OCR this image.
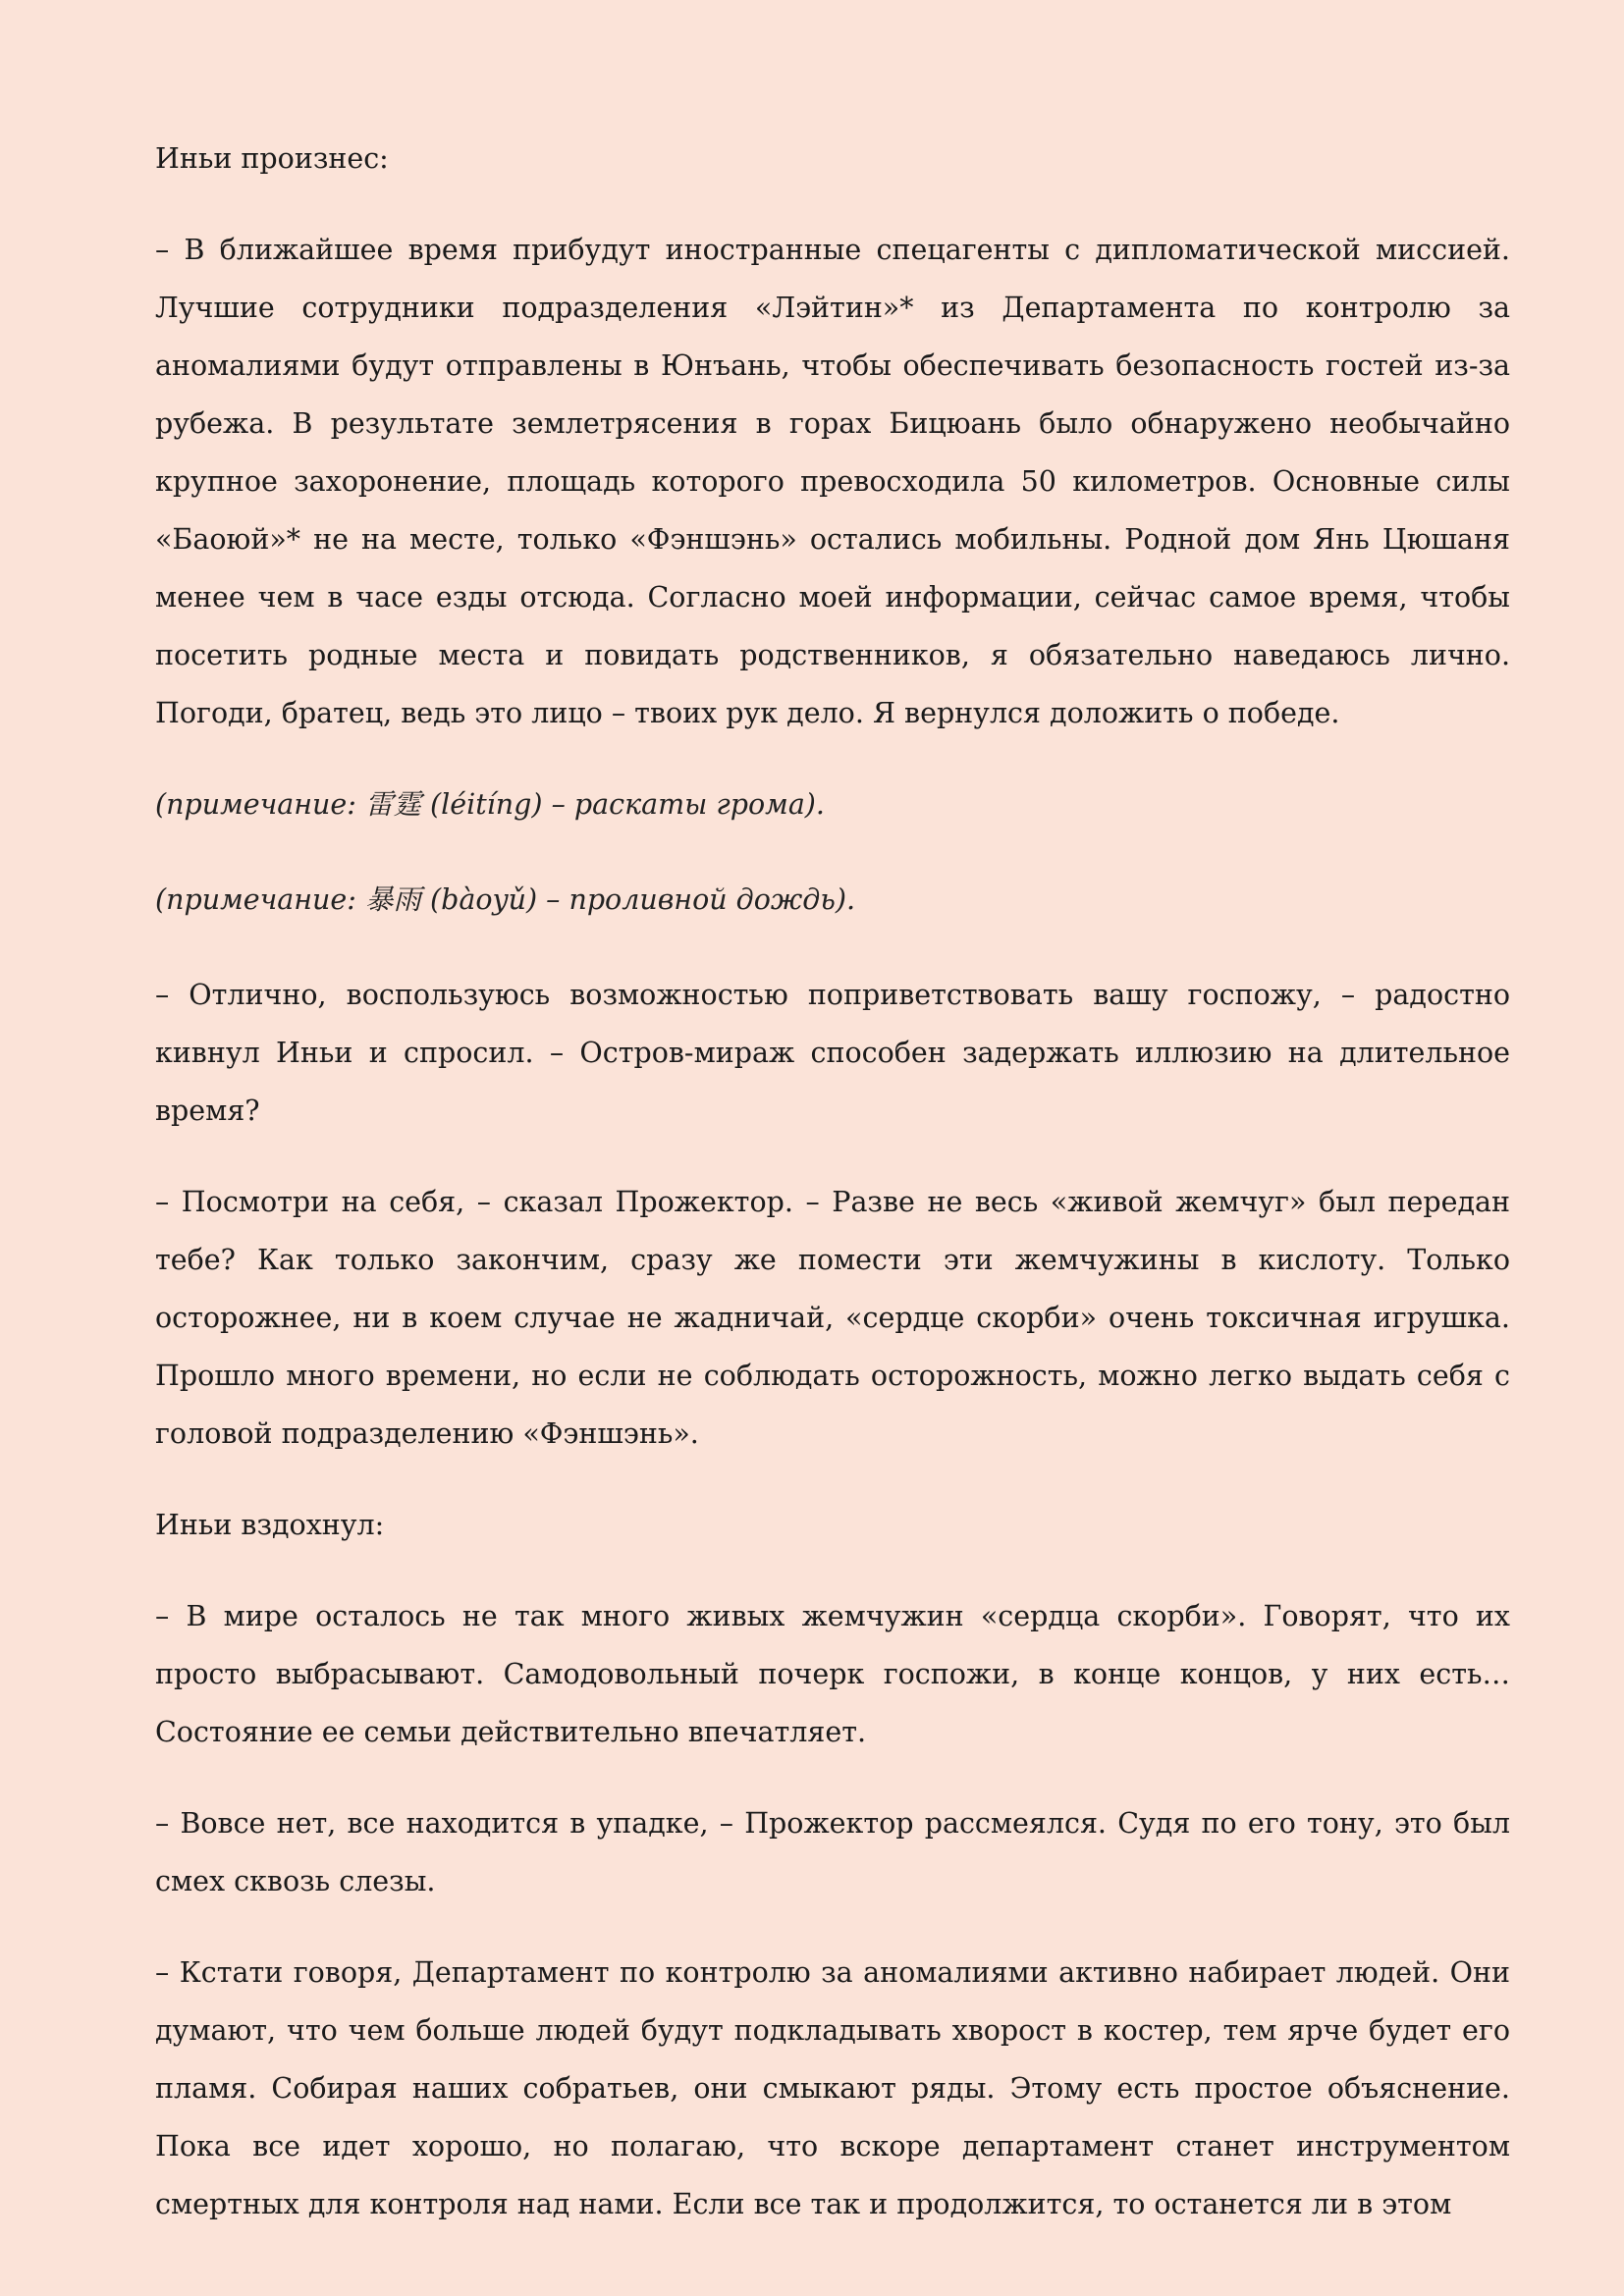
Иньи произнес:

– В ближайшее время прибудут иностранные спецагенты с дипломатической миссией. Лучшие сотрудники подразделения «Лэйтин»* из Департамента по контролю за аномалиями будут отправлены в Юнъань, чтобы обеспечивать безопасность гостей из-за рубежа. В результате землетрясения в горах Бицюань было обнаружено необычайно крупное захоронение, площадь которого превосходила 50 километров. Основные силы «Баоюй»* не на месте, только «Фэншэнь» остались мобильны. Родной дом Янь Цюшаня менее чем в часе езды отсюда. Согласно моей информации, сейчас самое время, чтобы посетить родные места и повидать родственников, я обязательно наведаюсь лично. Погоди, братец, ведь это лицо – твоих рук дело. Я вернулся доложить о победе.

(примечание: 雷霆 (léitíng) – раскаты грома).

(примечание: 暴雨 (bàoyǔ) – проливной дождь).

– Отлично, воспользуюсь возможностью поприветствовать вашу госпожу, – радостно кивнул Иньи и спросил. – Остров-мираж способен задержать иллюзию на длительное время?

– Посмотри на себя, – сказал Прожектор. – Разве не весь «живой жемчуг» был передан тебе? Как только закончим, сразу же помести эти жемчужины в кислоту. Только осторожнее, ни в коем случае не жадничай, «сердце скорби» очень токсичная игрушка. Прошло много времени, но если не соблюдать осторожность, можно легко выдать себя с головой подразделению «Фэншэнь».

Иньи вздохнул:

– В мире осталось не так много живых жемчужин «сердца скорби». Говорят, что их просто выбрасывают. Самодовольный почерк госпожи, в конце концов, у них есть… Состояние ее семьи действительно впечатляет.

– Вовсе нет, все находится в упадке, – Прожектор рассмеялся. Судя по его тону, это был смех сквозь слезы.

– Кстати говоря, Департамент по контролю за аномалиями активно набирает людей. Они думают, что чем больше людей будут подкладывать хворост в костер, тем ярче будет его пламя. Собирая наших собратьев, они смыкают ряды. Этому есть простое объяснение. Пока все идет хорошо, но полагаю, что вскоре департамент станет инструментом смертных для контроля над нами. Если все так и продолжится, то останется ли в этом
